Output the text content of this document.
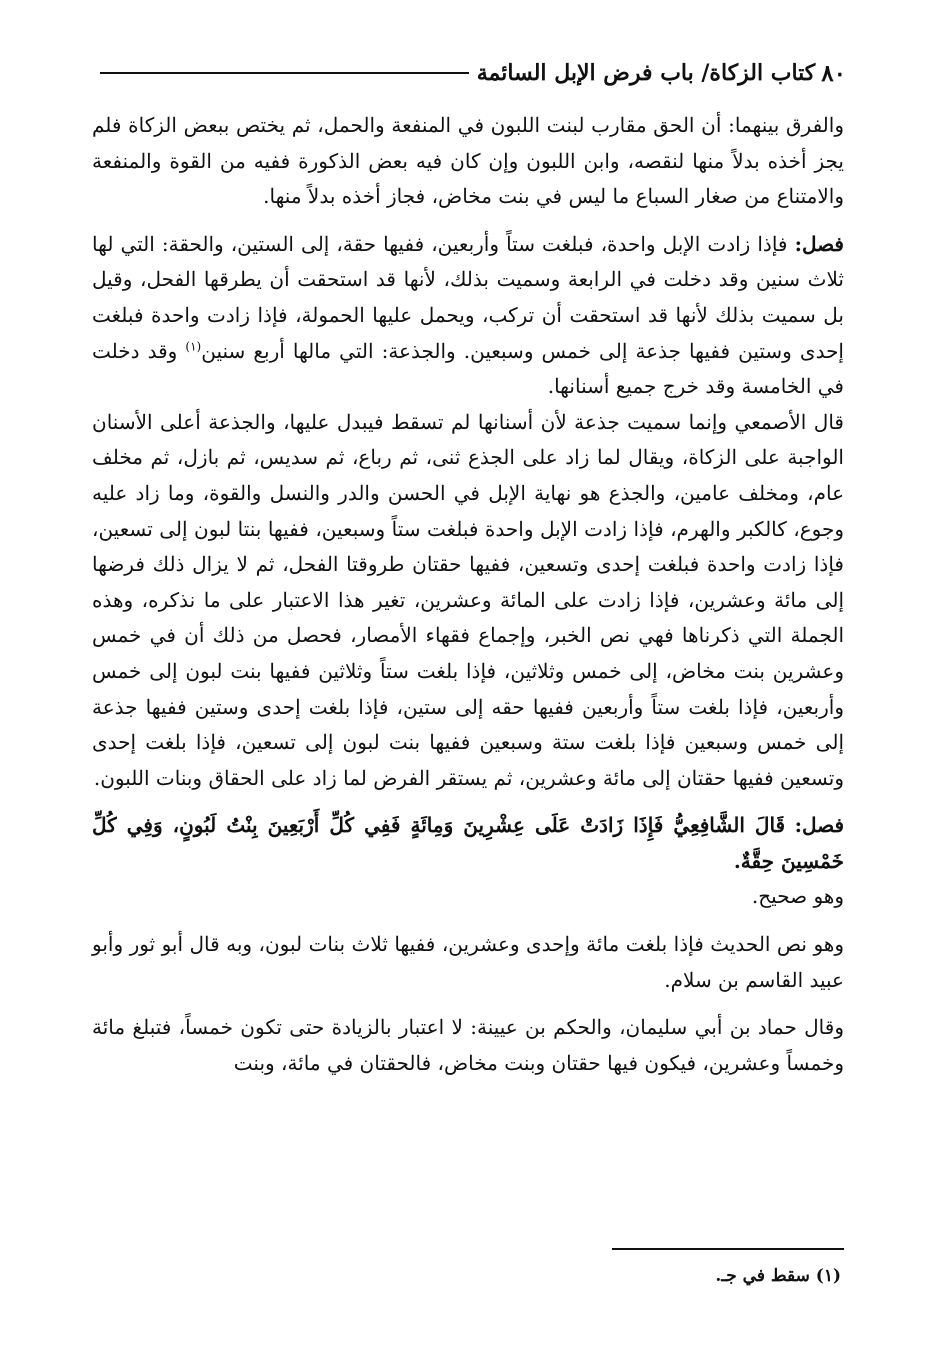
٨٠
كتاب الزكاة/ باب فرض الإبل السائمة

والفرق بينهما: أن الحق مقارب لبنت اللبون في المنفعة والحمل، ثم يختص ببعض الزكاة فلم يجز أخذه بدلاً منها لنقصه، وابن اللبون وإن كان فيه بعض الذكورة ففيه من القوة والمنفعة والامتناع من صغار السباع ما ليس في بنت مخاض، فجاز أخذه بدلاً منها.

فصل: فإذا زادت الإبل واحدة، فبلغت ستاً وأربعين، ففيها حقة، إلى الستين، والحقة: التي لها ثلاث سنين وقد دخلت في الرابعة وسميت بذلك، لأنها قد استحقت أن يطرقها الفحل، وقيل بل سميت بذلك لأنها قد استحقت أن تركب، ويحمل عليها الحمولة، فإذا زادت واحدة فبلغت إحدى وستين ففيها جذعة إلى خمس وسبعين. والجذعة: التي مالها أربع سنين$^{(١)}$ وقد دخلت في الخامسة وقد خرج جميع أسنانها.

قال الأصمعي وإنما سميت جذعة لأن أسنانها لم تسقط فيبدل عليها، والجذعة أعلى الأسنان الواجبة على الزكاة، ويقال لما زاد على الجذع ثنى، ثم رباع، ثم سديس، ثم بازل، ثم مخلف عام، ومخلف عامين، والجذع هو نهاية الإبل في الحسن والدر والنسل والقوة، وما زاد عليه وجوع، كالكبر والهرم، فإذا زادت الإبل واحدة فبلغت ستاً وسبعين، ففيها بنتا لبون إلى تسعين، فإذا زادت واحدة فبلغت إحدى وتسعين، ففيها حقتان طروقتا الفحل، ثم لا يزال ذلك فرضها إلى مائة وعشرين، فإذا زادت على المائة وعشرين، تغير هذا الاعتبار على ما نذكره، وهذه الجملة التي ذكرناها فهي نص الخبر، وإجماع فقهاء الأمصار، فحصل من ذلك أن في خمس وعشرين بنت مخاض، إلى خمس وثلاثين، فإذا بلغت ستاً وثلاثين ففيها بنت لبون إلى خمس وأربعين، فإذا بلغت ستاً وأربعين ففيها حقه إلى ستين، فإذا بلغت إحدى وستين ففيها جذعة إلى خمس وسبعين فإذا بلغت ستة وسبعين ففيها بنت لبون إلى تسعين، فإذا بلغت إحدى وتسعين ففيها حقتان إلى مائة وعشرين، ثم يستقر الفرض لما زاد على الحقاق وبنات اللبون.

فصل: قَالَ الشَّافِعِيُّ فَإِذَا زَادَتْ عَلَى عِشْرِينَ وَمِائَةٍ فَفِي كُلِّ أَرْبَعِينَ بِنْتُ لَبُونٍ، وَفِي كُلِّ خَمْسِينَ حِقَّةٌ.

وهو صحيح.

وهو نص الحديث فإذا بلغت مائة وإحدى وعشرين، ففيها ثلاث بنات لبون، وبه قال أبو ثور وأبو عبيد القاسم بن سلام.

وقال حماد بن أبي سليمان، والحكم بن عيينة: لا اعتبار بالزيادة حتى تكون خمساً، فتبلغ مائة وخمساً وعشرين، فيكون فيها حقتان وبنت مخاض، فالحقتان في مائة، وبنت

(١) سقط في جـ.
